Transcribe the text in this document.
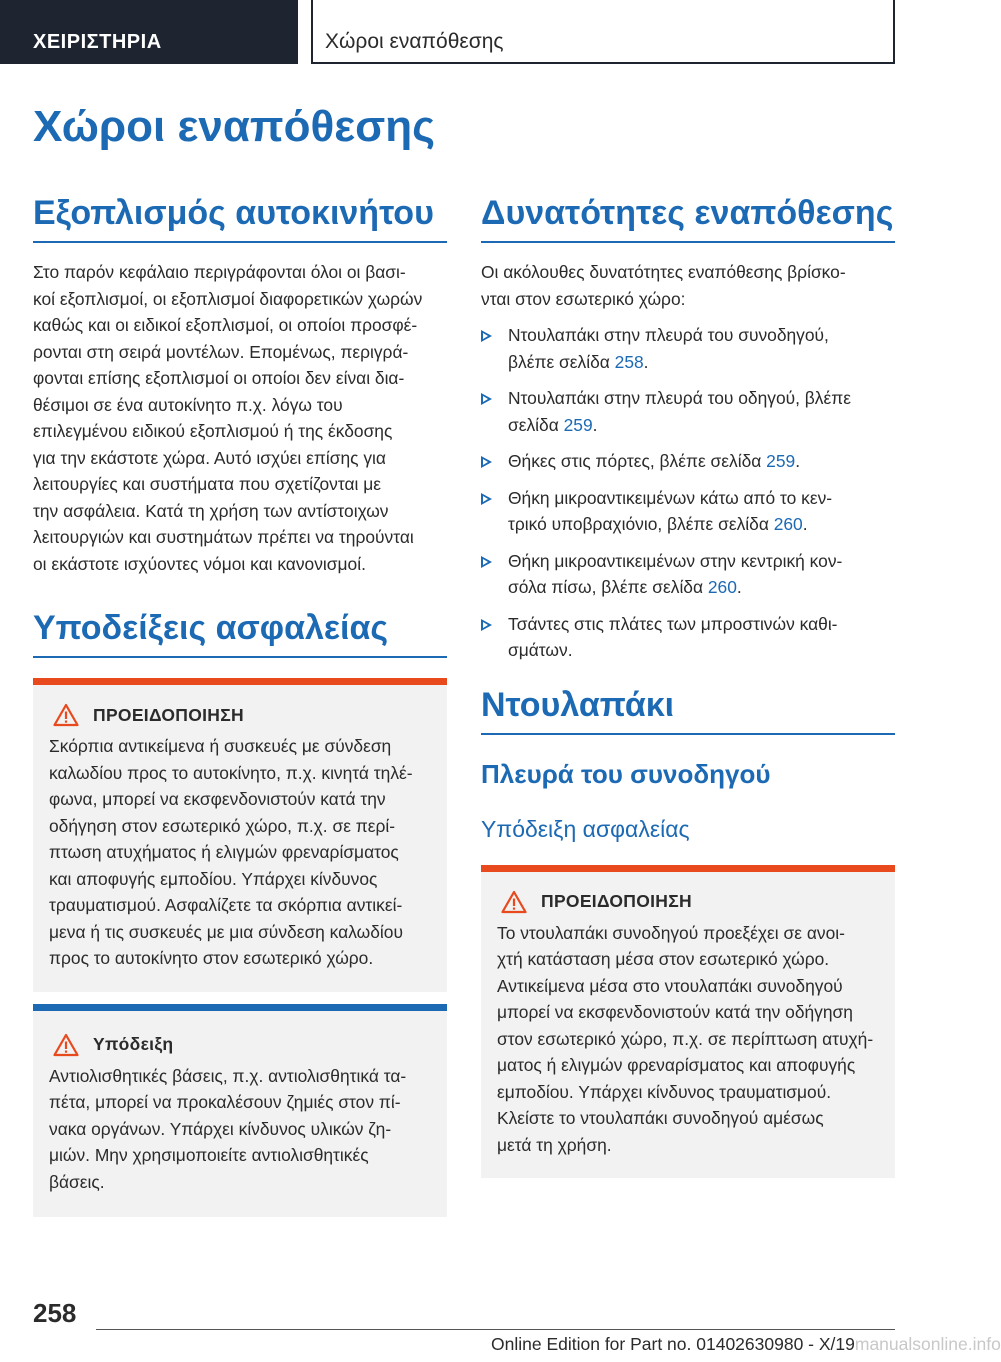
ΧΕΙΡΙΣΤΗΡΙΑ	Χώροι εναπόθεσης
Χώροι εναπόθεσης
Εξοπλισμός αυτοκινήτου
Στο παρόν κεφάλαιο περιγράφονται όλοι οι βασι-
κοί εξοπλισμοί, οι εξοπλισμοί διαφορετικών χωρών
καθώς και οι ειδικοί εξοπλισμοί, οι οποίοι προσφέ-
ρονται στη σειρά μοντέλων. Επομένως, περιγρά-
φονται επίσης εξοπλισμοί οι οποίοι δεν είναι δια-
θέσιμοι σε ένα αυτοκίνητο π.χ. λόγω του
επιλεγμένου ειδικού εξοπλισμού ή της έκδοσης
για την εκάστοτε χώρα. Αυτό ισχύει επίσης για
λειτουργίες και συστήματα που σχετίζονται με
την ασφάλεια. Κατά τη χρήση των αντίστοιχων
λειτουργιών και συστημάτων πρέπει να τηρούνται
οι εκάστοτε ισχύοντες νόμοι και κανονισμοί.
Υποδείξεις ασφαλείας
ΠΡΟΕΙΔΟΠΟΙΗΣΗ
Σκόρπια αντικείμενα ή συσκευές με σύνδεση
καλωδίου προς το αυτοκίνητο, π.χ. κινητά τηλέ-
φωνα, μπορεί να εκσφενδονιστούν κατά την
οδήγηση στον εσωτερικό χώρο, π.χ. σε περί-
πτωση ατυχήματος ή ελιγμών φρεναρίσματος
και αποφυγής εμποδίου. Υπάρχει κίνδυνος
τραυματισμού. Ασφαλίζετε τα σκόρπια αντικεί-
μενα ή τις συσκευές με μια σύνδεση καλωδίου
προς το αυτοκίνητο στον εσωτερικό χώρο.
Υπόδειξη
Αντιολισθητικές βάσεις, π.χ. αντιολισθητικά τα-
πέτα, μπορεί να προκαλέσουν ζημιές στον πί-
νακα οργάνων. Υπάρχει κίνδυνος υλικών ζη-
μιών. Μην χρησιμοποιείτε αντιολισθητικές
βάσεις.
Δυνατότητες εναπόθεσης
Οι ακόλουθες δυνατότητες εναπόθεσης βρίσκο-
νται στον εσωτερικό χώρο:
Ντουλαπάκι στην πλευρά του συνοδηγού,
βλέπε σελίδα 258.
Ντουλαπάκι στην πλευρά του οδηγού, βλέπε
σελίδα 259.
Θήκες στις πόρτες, βλέπε σελίδα 259.
Θήκη μικροαντικειμένων κάτω από το κεν-
τρικό υποβραχιόνιο, βλέπε σελίδα 260.
Θήκη μικροαντικειμένων στην κεντρική κον-
σόλα πίσω, βλέπε σελίδα 260.
Τσάντες στις πλάτες των μπροστινών καθι-
σμάτων.
Ντουλαπάκι
Πλευρά του συνοδηγού
Υπόδειξη ασφαλείας
ΠΡΟΕΙΔΟΠΟΙΗΣΗ
Το ντουλαπάκι συνοδηγού προεξέχει σε ανοι-
χτή κατάσταση μέσα στον εσωτερικό χώρο.
Αντικείμενα μέσα στο ντουλαπάκι συνοδηγού
μπορεί να εκσφενδονιστούν κατά την οδήγηση
στον εσωτερικό χώρο, π.χ. σε περίπτωση ατυχή-
ματος ή ελιγμών φρεναρίσματος και αποφυγής
εμποδίου. Υπάρχει κίνδυνος τραυματισμού.
Κλείστε το ντουλαπάκι συνοδηγού αμέσως
μετά τη χρήση.
258
Online Edition for Part no. 01402630980 - X/19manualsonline.info
